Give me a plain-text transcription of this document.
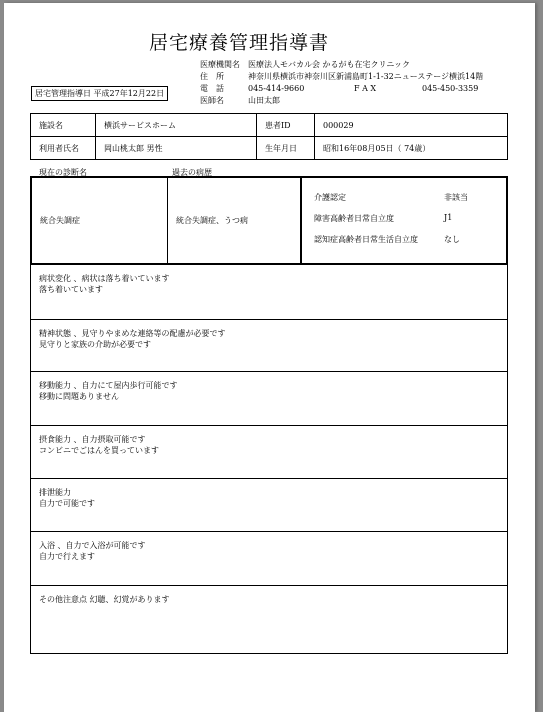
居宅療養管理指導書
居宅管理指導日 平成27年12月22日
医療機関名 医療法人モバカル会 かるがも在宅クリニック
住　所	神奈川県横浜市神奈川区新浦島町1-1-32ニューステージ横浜14階
電　話	045-414-9660	F A X	045-450-3359
医師名	山田太郎
施設名	横浜サービスホーム	患者ID	000029
利用者氏名	岡山桃太郎 男性	生年月日	昭和16年08月05日（ 74歳）
現在の診断名	過去の病歴
統合失調症	統合失調症、うつ病
介護認定	非該当
障害高齢者日常自立度	J1
認知症高齢者日常生活自立度	なし
病状変化 、病状は落ち着いています
落ち着いています
精神状態 、見守りやまめな連絡等の配慮が必要です
見守りと家族の介助が必要です
移動能力 、自力にて屋内歩行可能です
移動に問題ありません
摂食能力 、自力摂取可能です
コンビニでごはんを買っています
排泄能力
自力で可能です
入浴 、自力で入浴が可能です
自力で行えます
その他注意点 幻聴、幻覚があります
